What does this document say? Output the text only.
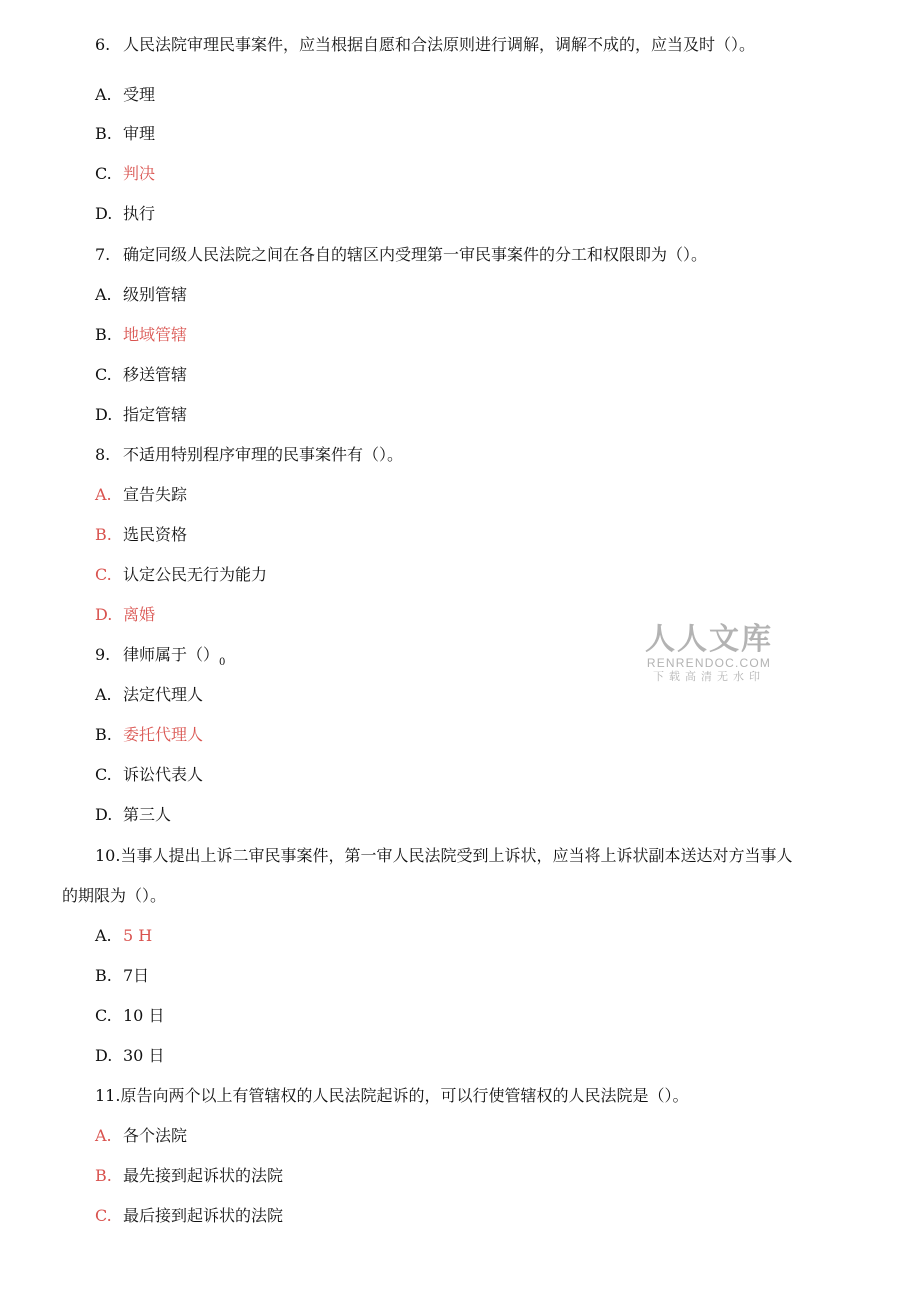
6. 人民法院审理民事案件，应当根据自愿和合法原则进行调解，调解不成的，应当及时（）。
A. 受理
B. 审理
C. 判决
D. 执行
7. 确定同级人民法院之间在各自的辖区内受理第一审民事案件的分工和权限即为（）。
A. 级别管辖
B. 地域管辖
C. 移送管辖
D. 指定管辖
8. 不适用特别程序审理的民事案件有（）。
A. 宣告失踪
B. 选民资格
C. 认定公民无行为能力
D. 离婚
9. 律师属于$()_0$
A. 法定代理人
B. 委托代理人
C. 诉讼代表人
D. 第三人
10.当事人提出上诉二审民事案件，第一审人民法院受到上诉状，应当将上诉状副本送达对方当事人
的期限为（）。
A. 5 H
B. 7日
C. 10 日
D. 30 日
11.原告向两个以上有管辖权的人民法院起诉的，可以行使管辖权的人民法院是（）。
A. 各个法院
B. 最先接到起诉状的法院
C. 最后接到起诉状的法院
人人文库
RENRENDOC.COM
下载高清无水印
